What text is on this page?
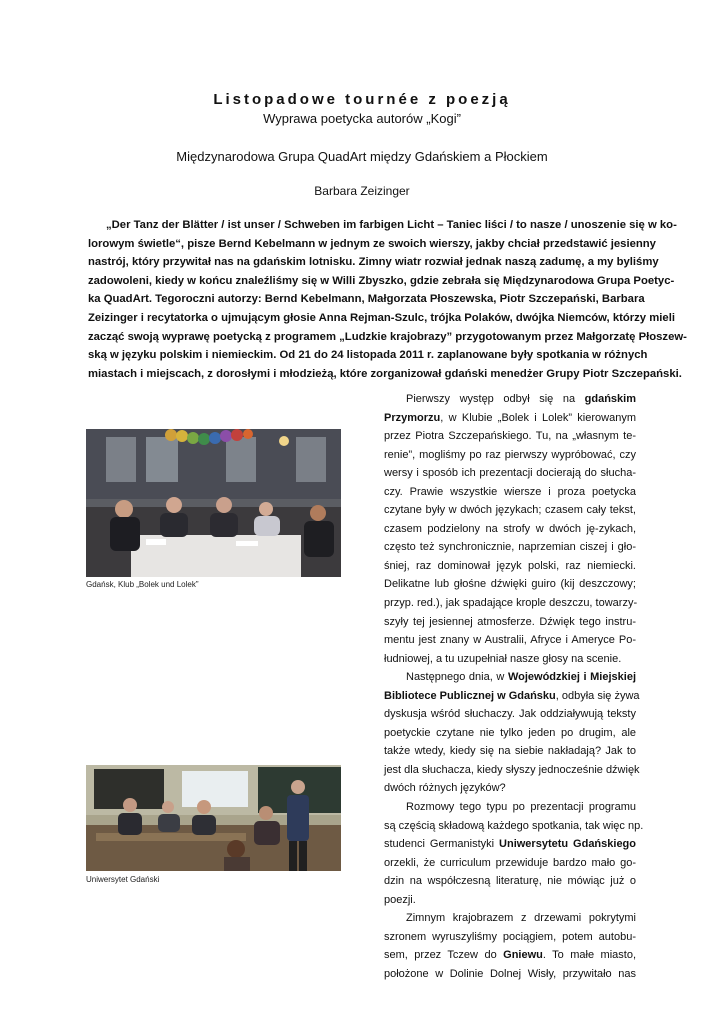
Listopadowe tournée z poezją
Wyprawa poetycka autorów „Kogi”
Międzynarodowa Grupa QuadArt między Gdańskiem a Płockiem
Barbara Zeizinger

„Der Tanz der Blätter / ist unser / Schweben im farbigen Licht – Taniec liści / to nasze / unoszenie się w ko-
lorowym świetle“, pisze Bernd Kebelmann w jednym ze swoich wierszy, jakby chciał przedstawić jesienny
nastrój, który przywitał nas na gdańskim lotnisku. Zimny wiatr rozwiał jednak naszą zadumę, a my byliśmy
zadowoleni, kiedy w końcu znaleźliśmy się w Willi Zbyszko, gdzie zebrała się Międzynarodowa Grupa Poetyc-
ka QuadArt. Tegoroczni autorzy: Bernd Kebelmann, Małgorzata Płoszewska, Piotr Szczepański, Barbara
Zeizinger i recytatorka o ujmującym głosie Anna Rejman-Szulc, trójka Polaków, dwójka Niemców, którzy mieli
zacząć swoją wyprawę poetycką z programem „Ludzkie krajobrazy” przygotowanym przez Małgorzatę Płoszew-
ską w języku polskim i niemieckim. Od 21 do 24 listopada 2011 r. zaplanowane były spotkania w różnych
miastach i miejscach, z dorosłymi i młodzieżą, które zorganizował gdański menedżer Grupy Piotr Szczepański.

Gdańsk, Klub „Bolek und Lolek”
Uniwersytet Gdański
Pierwszy występ odbył się na gdańskim
Przymorzu, w Klubie „Bolek i Lolek” kierowanym
przez Piotra Szczepańskiego. Tu, na „własnym te-
renie”, mogliśmy po raz pierwszy wypróbować, czy
wersy i sposób ich prezentacji docierają do słucha-
czy. Prawie wszystkie wiersze i proza poetycka
czytane były w dwóch językach; czasem cały tekst,
czasem podzielony na strofy w dwóch ję-zykach,
często też synchronicznie, naprzemian ciszej i gło-
śniej, raz dominował język polski, raz niemiecki.
Delikatne lub głośne dźwięki guiro (kij deszczowy;
przyp. red.), jak spadające krople deszczu, towarzy-
szyły tej jesiennej atmosferze. Dźwięk tego instru-
mentu jest znany w Australii, Afryce i Ameryce Po-
łudniowej, a tu uzupełniał nasze głosy na scenie.
Następnego dnia, w Wojewódzkiej i Miejskiej
Bibliotece Publicznej w Gdańsku, odbyła się żywa
dyskusja wśród słuchaczy. Jak oddziaływują teksty
poetyckie czytane nie tylko jeden po drugim, ale
także wtedy, kiedy się na siebie nakładają? Jak to
jest dla słuchacza, kiedy słyszy jednocześnie dźwięk
dwóch różnych języków?
Rozmowy tego typu po prezentacji programu
są częścią składową każdego spotkania, tak więc np.
studenci Germanistyki Uniwersytetu Gdańskiego
orzekli, że curriculum przewiduje bardzo mało go-
dzin na współczesną literaturę, nie mówiąc już o
poezji.
Zimnym krajobrazem z drzewami pokrytymi
szronem wyruszyliśmy pociągiem, potem autobu-
sem, przez Tczew do Gniewu. To małe miasto,
położone w Dolinie Dolnej Wisły, przywitało nas
